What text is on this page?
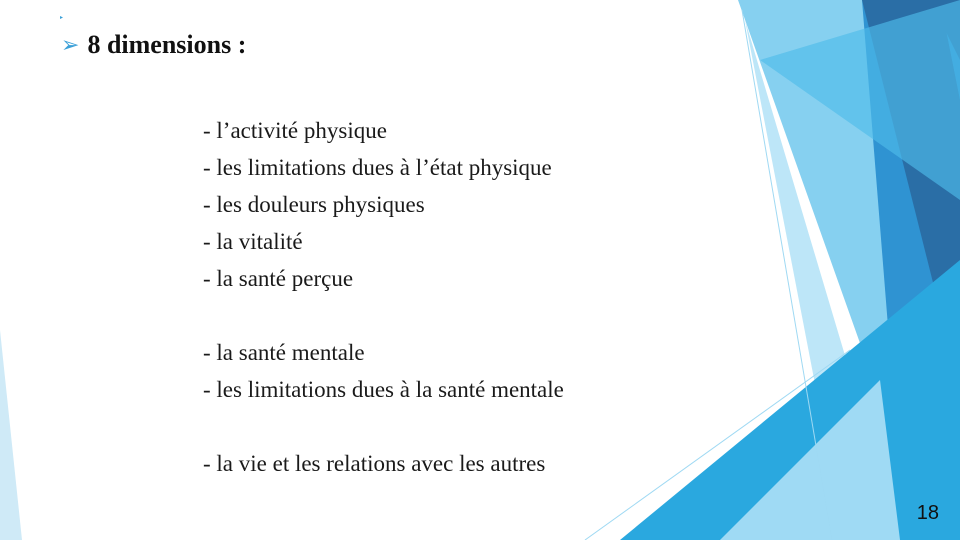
▸
➢ 8 dimensions :
- l’activité physique
- les limitations dues à l’état physique
- les douleurs physiques
- la vitalité
- la santé perçue
- la santé mentale
- les limitations dues à la santé mentale
- la vie et les relations avec les autres
18
